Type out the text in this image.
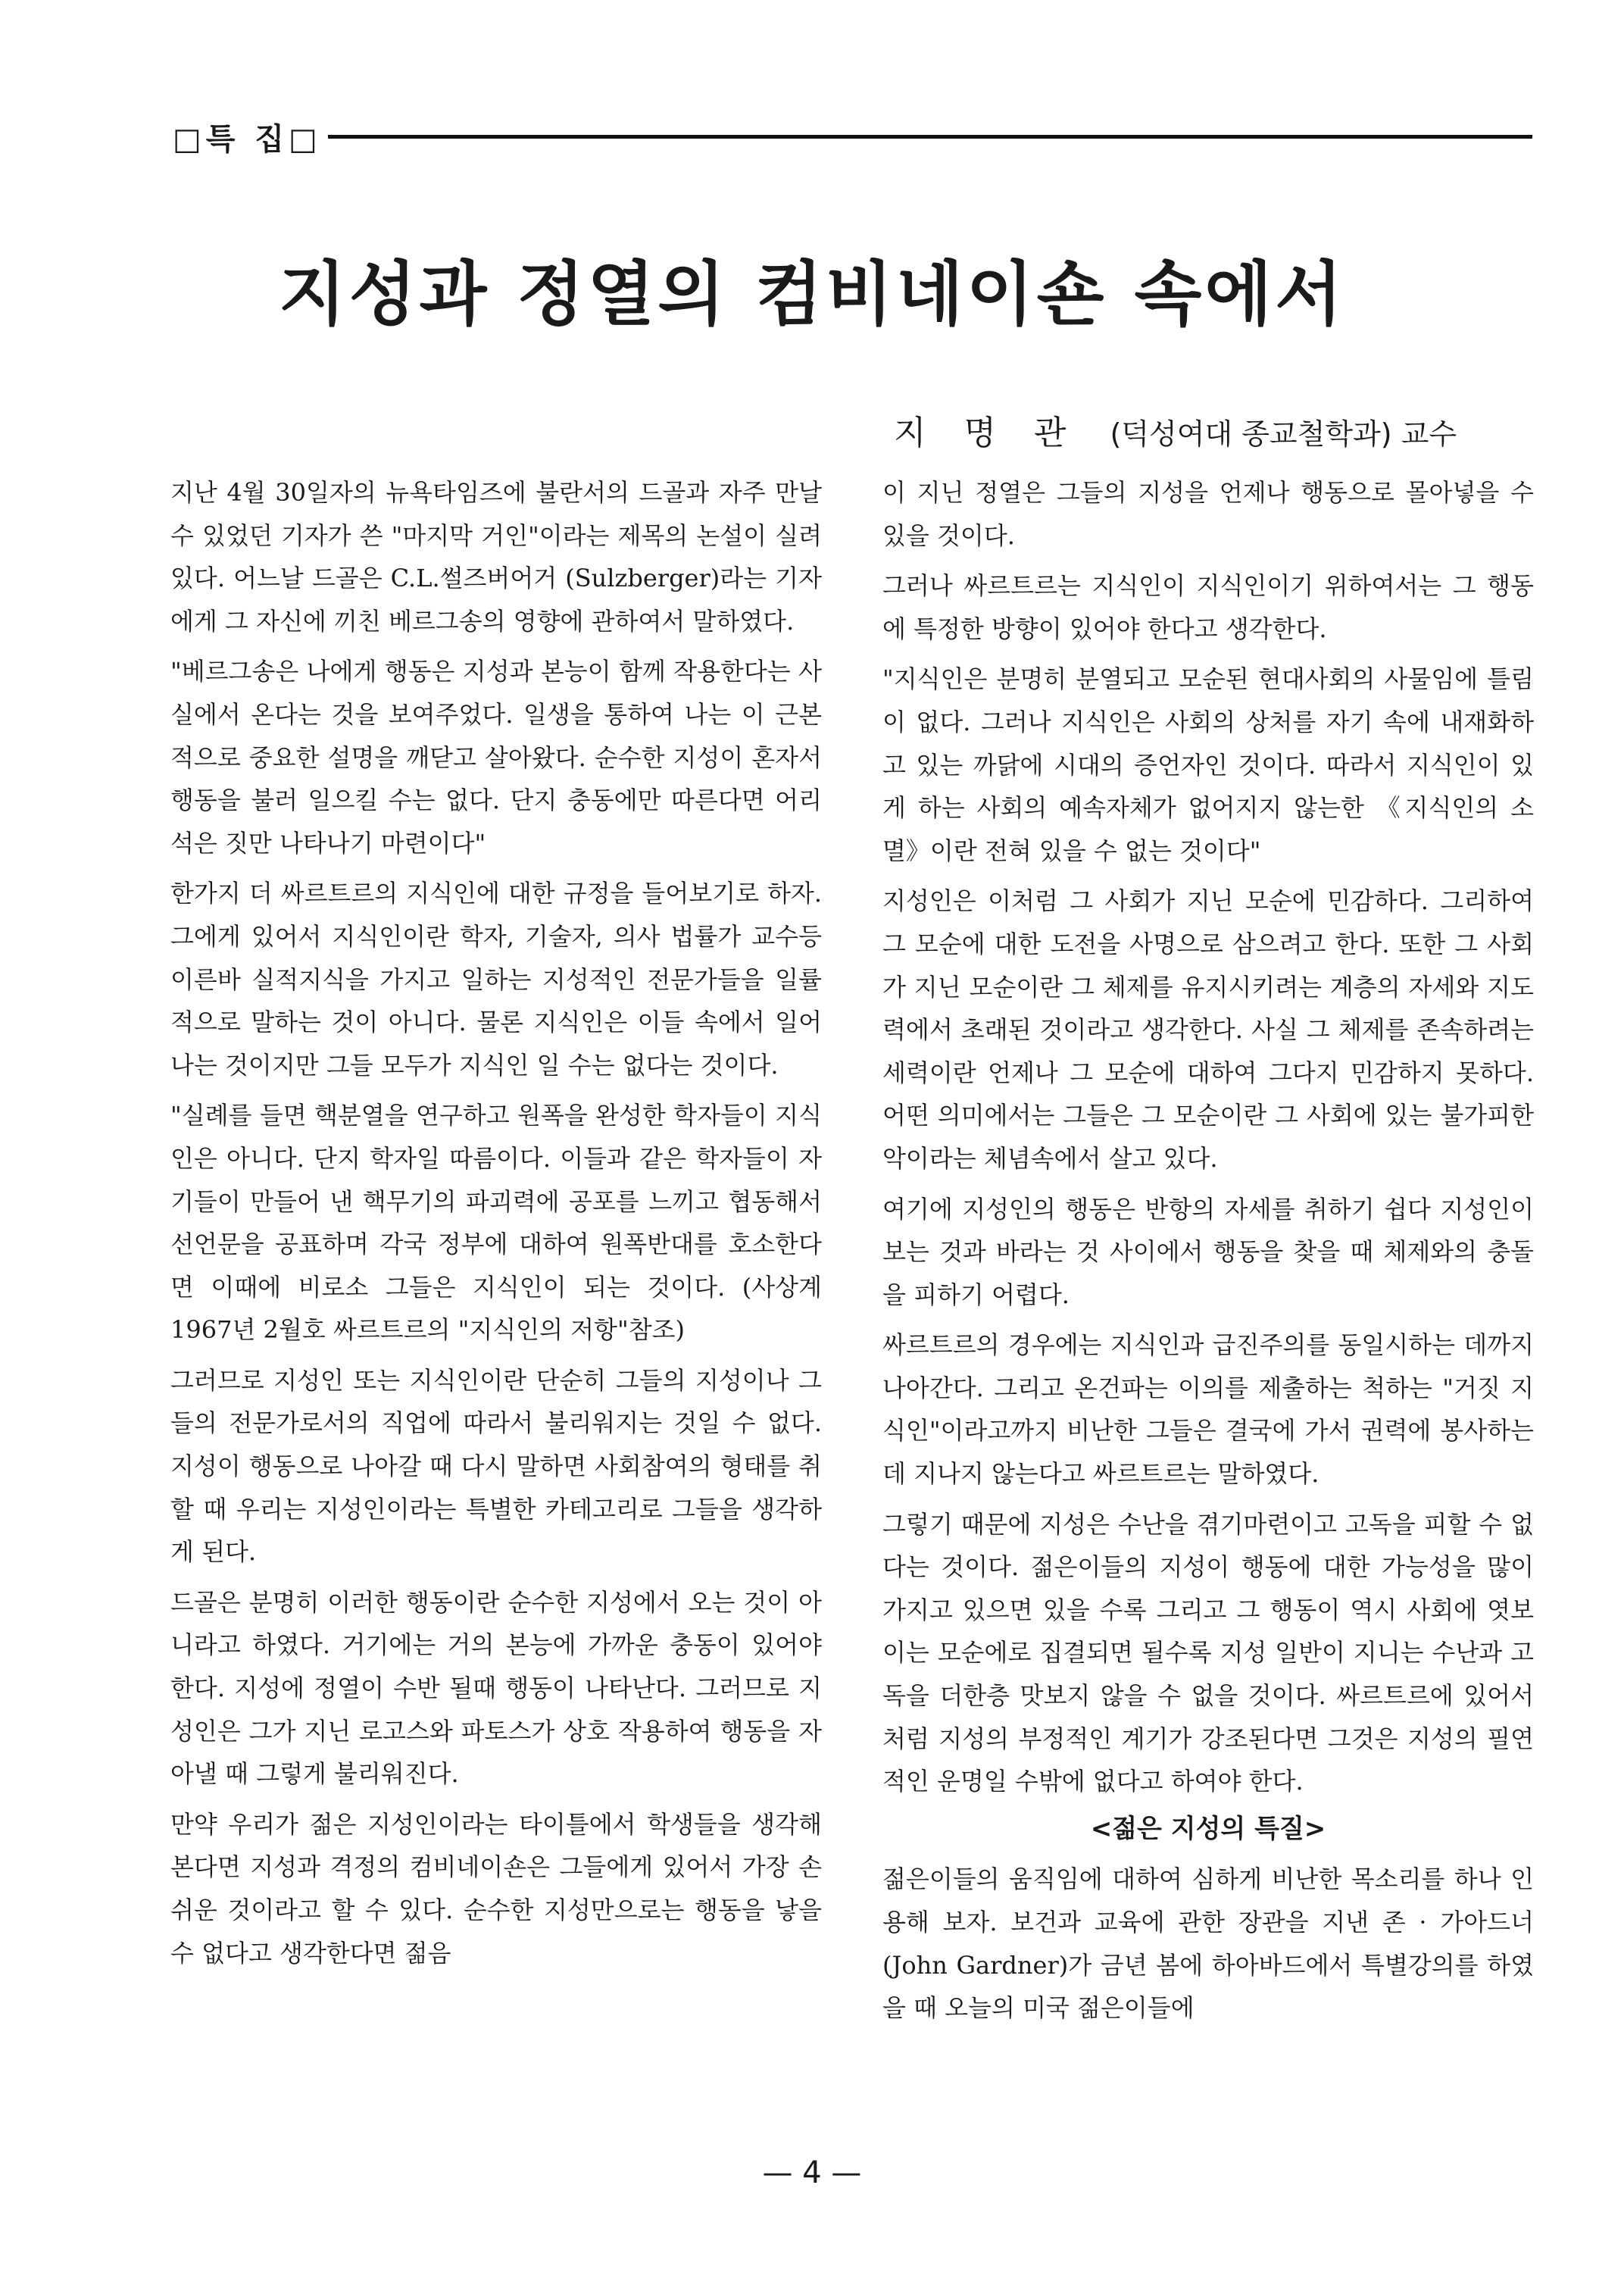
□특 집□
지성과 정열의 컴비네이숀 속에서
지 명 관 (덕성여대 종교철학과) 교수

지난 4월 30일자의 뉴욕타임즈에 불란서의 드골과 자주 만날 수 있었던 기자가 쓴 "마지막 거인"이라는 제목의 논설이 실려 있다. 어느날 드골은 C.L.썰즈버어거 (Sulzberger)라는 기자에게 그 자신에 끼친 베르그송의 영향에 관하여서 말하였다.

"베르그송은 나에게 행동은 지성과 본능이 함께 작용한다는 사실에서 온다는 것을 보여주었다. 일생을 통하여 나는 이 근본적으로 중요한 설명을 깨닫고 살아왔다. 순수한 지성이 혼자서 행동을 불러 일으킬 수는 없다. 단지 충동에만 따른다면 어리석은 짓만 나타나기 마련이다"

한가지 더 싸르트르의 지식인에 대한 규정을 들어보기로 하자. 그에게 있어서 지식인이란 학자, 기술자, 의사 법률가 교수등 이른바 실적지식을 가지고 일하는 지성적인 전문가들을 일률적으로 말하는 것이 아니다. 물론 지식인은 이들 속에서 일어나는 것이지만 그들 모두가 지식인 일 수는 없다는 것이다.

"실례를 들면 핵분열을 연구하고 원폭을 완성한 학자들이 지식인은 아니다. 단지 학자일 따름이다. 이들과 같은 학자들이 자기들이 만들어 낸 핵무기의 파괴력에 공포를 느끼고 협동해서 선언문을 공표하며 각국 정부에 대하여 원폭반대를 호소한다면 이때에 비로소 그들은 지식인이 되는 것이다. (사상계 1967년 2월호 싸르트르의 "지식인의 저항"참조)

그러므로 지성인 또는 지식인이란 단순히 그들의 지성이나 그들의 전문가로서의 직업에 따라서 불리워지는 것일 수 없다. 지성이 행동으로 나아갈 때 다시 말하면 사회참여의 형태를 취할 때 우리는 지성인이라는 특별한 카테고리로 그들을 생각하게 된다.

드골은 분명히 이러한 행동이란 순수한 지성에서 오는 것이 아니라고 하였다. 거기에는 거의 본능에 가까운 충동이 있어야 한다. 지성에 정열이 수반 될때 행동이 나타난다. 그러므로 지성인은 그가 지닌 로고스와 파토스가 상호 작용하여 행동을 자아낼 때 그렇게 불리워진다.

만약 우리가 젊은 지성인이라는 타이틀에서 학생들을 생각해 본다면 지성과 격정의 컴비네이숀은 그들에게 있어서 가장 손쉬운 것이라고 할 수 있다. 순수한 지성만으로는 행동을 낳을 수 없다고 생각한다면 젊음

이 지닌 정열은 그들의 지성을 언제나 행동으로 몰아넣을 수 있을 것이다.

그러나 싸르트르는 지식인이 지식인이기 위하여서는 그 행동에 특정한 방향이 있어야 한다고 생각한다.

"지식인은 분명히 분열되고 모순된 현대사회의 사물임에 틀림이 없다. 그러나 지식인은 사회의 상처를 자기 속에 내재화하고 있는 까닭에 시대의 증언자인 것이다. 따라서 지식인이 있게 하는 사회의 예속자체가 없어지지 않는한 《지식인의 소멸》이란 전혀 있을 수 없는 것이다"

지성인은 이처럼 그 사회가 지닌 모순에 민감하다. 그리하여 그 모순에 대한 도전을 사명으로 삼으려고 한다. 또한 그 사회가 지닌 모순이란 그 체제를 유지시키려는 계층의 자세와 지도력에서 초래된 것이라고 생각한다. 사실 그 체제를 존속하려는 세력이란 언제나 그 모순에 대하여 그다지 민감하지 못하다. 어떤 의미에서는 그들은 그 모순이란 그 사회에 있는 불가피한 악이라는 체념속에서 살고 있다.

여기에 지성인의 행동은 반항의 자세를 취하기 쉽다 지성인이 보는 것과 바라는 것 사이에서 행동을 찾을 때 체제와의 충돌을 피하기 어렵다.

싸르트르의 경우에는 지식인과 급진주의를 동일시하는 데까지 나아간다. 그리고 온건파는 이의를 제출하는 척하는 "거짓 지식인"이라고까지 비난한 그들은 결국에 가서 권력에 봉사하는 데 지나지 않는다고 싸르트르는 말하였다.

그렇기 때문에 지성은 수난을 겪기마련이고 고독을 피할 수 없다는 것이다. 젊은이들의 지성이 행동에 대한 가능성을 많이 가지고 있으면 있을 수록 그리고 그 행동이 역시 사회에 엿보이는 모순에로 집결되면 될수록 지성 일반이 지니는 수난과 고독을 더한층 맛보지 않을 수 없을 것이다. 싸르트르에 있어서처럼 지성의 부정적인 계기가 강조된다면 그것은 지성의 필연적인 운명일 수밖에 없다고 하여야 한다.

<젊은 지성의 특질>

젊은이들의 움직임에 대하여 심하게 비난한 목소리를 하나 인용해 보자. 보건과 교육에 관한 장관을 지낸 존 · 가아드너(John Gardner)가 금년 봄에 하아바드에서 특별강의를 하였을 때 오늘의 미국 젊은이들에

— 4 —
